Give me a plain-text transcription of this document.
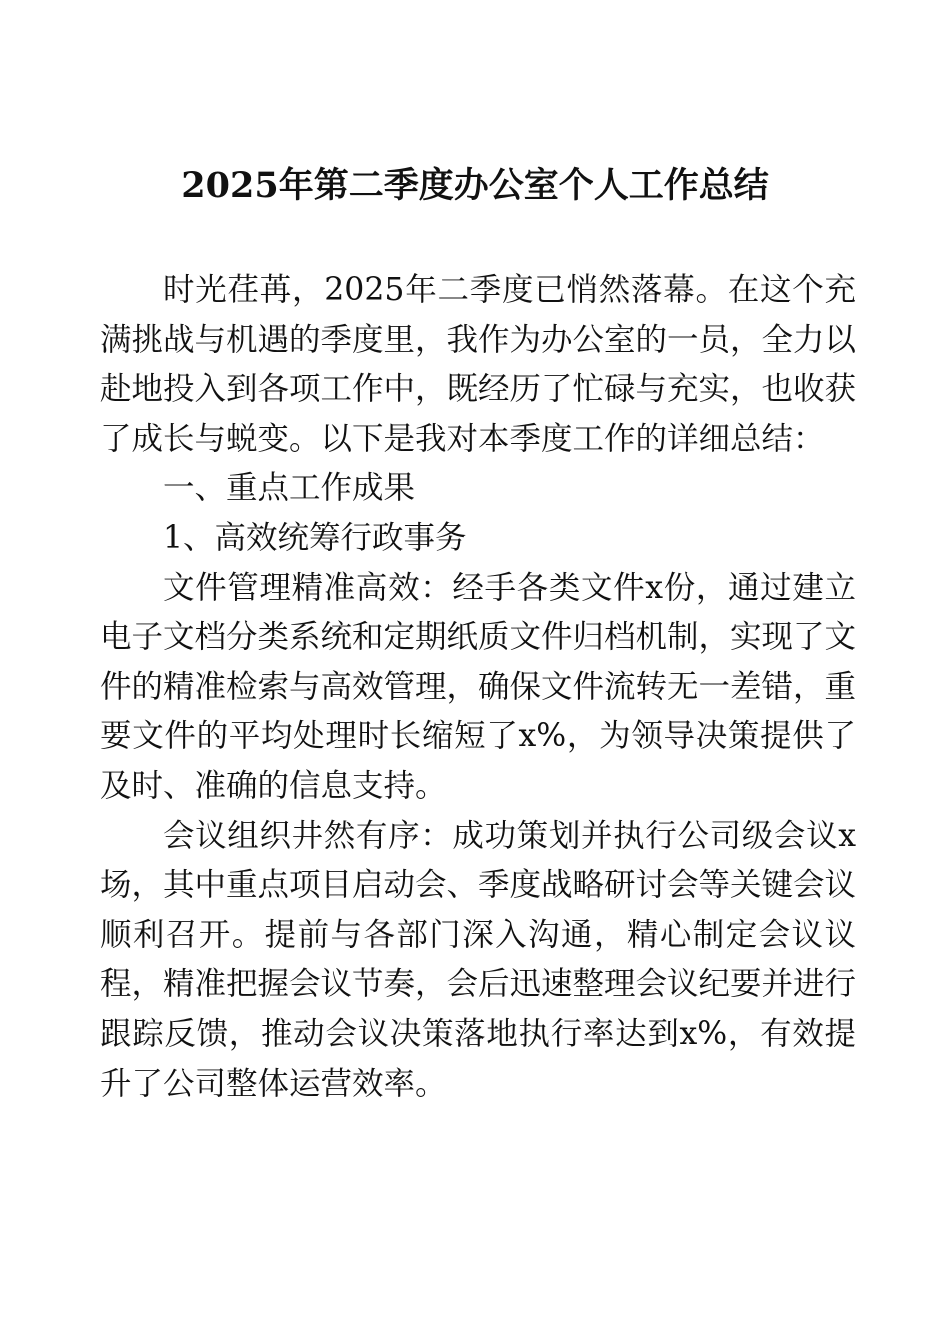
2025年第二季度办公室个人工作总结

时光荏苒，2025年二季度已悄然落幕。在这个充满挑战与机遇的季度里，我作为办公室的一员，全力以赴地投入到各项工作中，既经历了忙碌与充实，也收获了成长与蜕变。以下是我对本季度工作的详细总结：

一、重点工作成果

1、高效统筹行政事务

文件管理精准高效：经手各类文件x份，通过建立电子文档分类系统和定期纸质文件归档机制，实现了文件的精准检索与高效管理，确保文件流转无一差错，重要文件的平均处理时长缩短了x%，为领导决策提供了及时、准确的信息支持。

会议组织井然有序：成功策划并执行公司级会议x场，其中重点项目启动会、季度战略研讨会等关键会议顺利召开。提前与各部门深入沟通，精心制定会议议程，精准把握会议节奏，会后迅速整理会议纪要并进行跟踪反馈，推动会议决策落地执行率达到x%，有效提升了公司整体运营效率。
